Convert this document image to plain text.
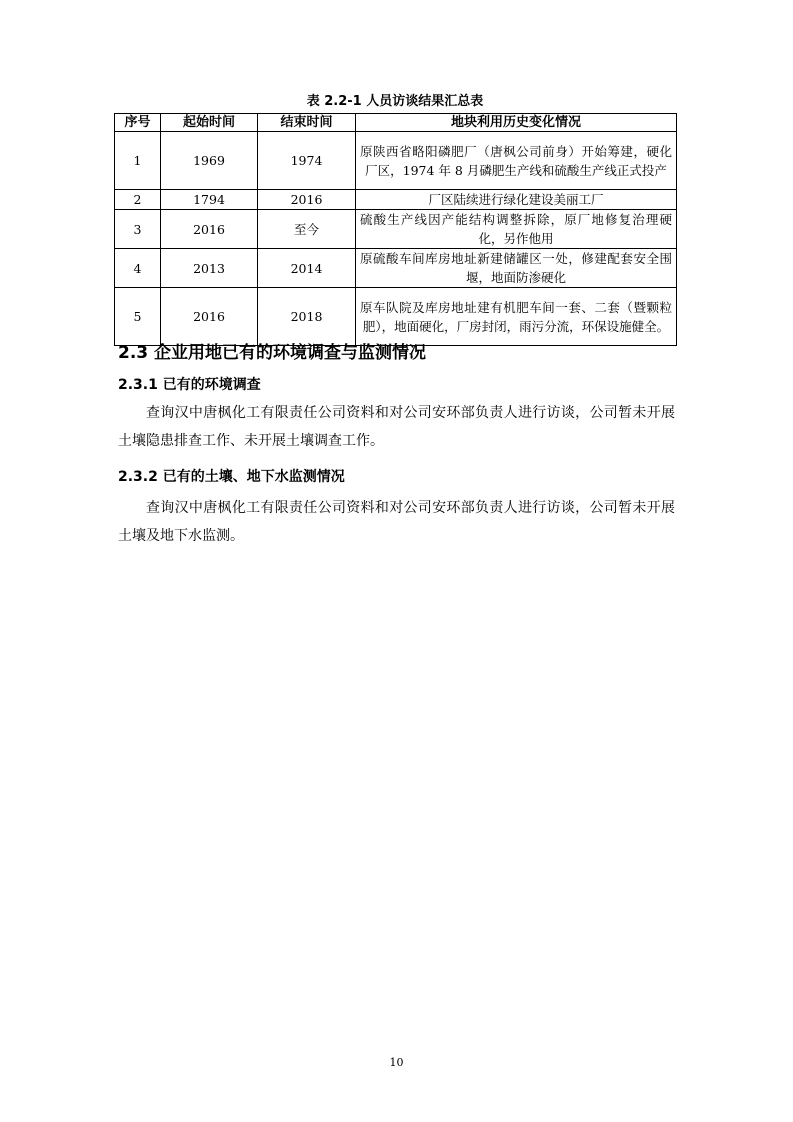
表 2.2-1 人员访谈结果汇总表
序号	起始时间	结束时间	地块利用历史变化情况
1	1969	1974	原陕西省略阳磷肥厂（唐枫公司前身）开始筹建，硬化厂区，1974 年 8 月磷肥生产线和硫酸生产线正式投产
2	1794	2016	厂区陆续进行绿化建设美丽工厂
3	2016	至今	硫酸生产线因产能结构调整拆除，原厂地修复治理硬化，另作他用
4	2013	2014	原硫酸车间库房地址新建储罐区一处，修建配套安全围堰，地面防渗硬化
5	2016	2018	原车队院及库房地址建有机肥车间一套、二套（暨颗粒肥），地面硬化，厂房封闭，雨污分流，环保设施健全。
2.3 企业用地已有的环境调查与监测情况
2.3.1 已有的环境调查
查询汉中唐枫化工有限责任公司资料和对公司安环部负责人进行访谈，公司暂未开展土壤隐患排查工作、未开展土壤调查工作。
2.3.2 已有的土壤、地下水监测情况
查询汉中唐枫化工有限责任公司资料和对公司安环部负责人进行访谈，公司暂未开展土壤及地下水监测。
10
